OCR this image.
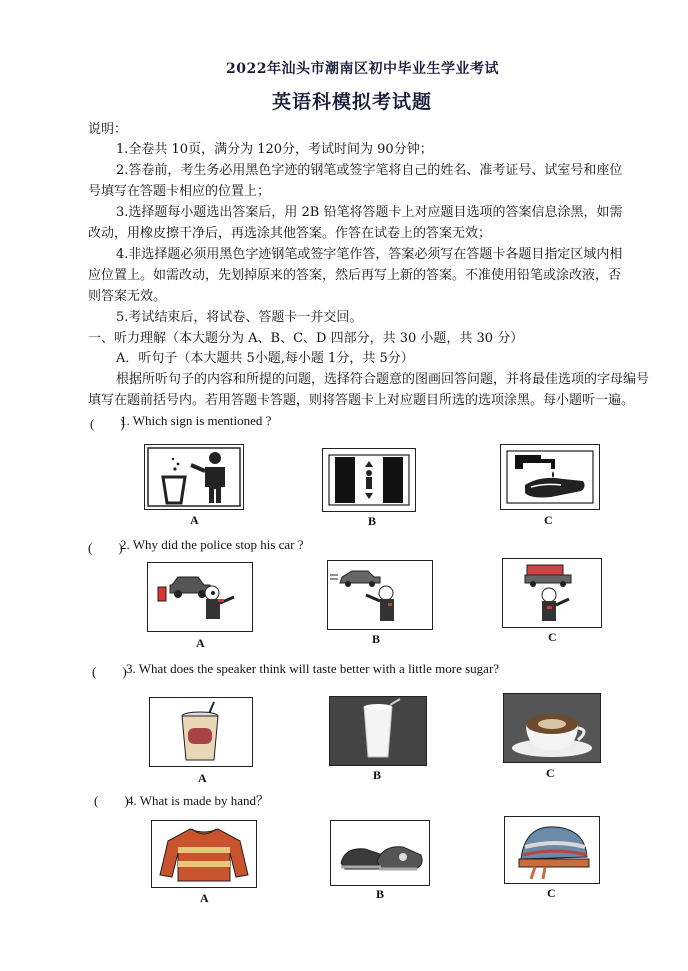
2022年汕头市潮南区初中毕业生学业考试
英语科模拟考试题
说明：
1.全卷共 10页，满分为 120分，考试时间为 90分钟；
2.答卷前，考生务必用黑色字迹的钢笔或签字笔将自己的姓名、准考证号、试室号和座位
号填写在答题卡相应的位置上；
3.选择题每小题选出答案后，用 2B 铅笔将答题卡上对应题目选项的答案信息涂黑，如需
改动，用橡皮擦干净后，再选涂其他答案。作答在试卷上的答案无效；
4.非选择题必须用黑色字迹钢笔或签字笔作答，答案必须写在答题卡各题目指定区域内相
应位置上。如需改动，先划掉原来的答案，然后再写上新的答案。不准使用铅笔或涂改液，否
则答案无效。
5.考试结束后，将试卷、答题卡一并交回。
一、听力理解（本大题分为 A、B、C、D 四部分，共 30 小题，共 30 分）
A．听句子（本大题共 5小题,每小题 1分，共 5分）
根据所听句子的内容和所提的问题，选择符合题意的图画回答问题，并将最佳选项的字母编号
填写在题前括号内。若用答题卡答题，则将答题卡上对应题目所选的选项涂黑。每小题听一遍。
(　　)
1. Which sign is mentioned ?
A	B	C
(　　)
2. Why did the police stop his car ?
A	B	C
(　　) 3. What does the speaker think will taste better with a little more sugar?
A	B	C
(　　)
4. What is made by hand？
A	B	C
